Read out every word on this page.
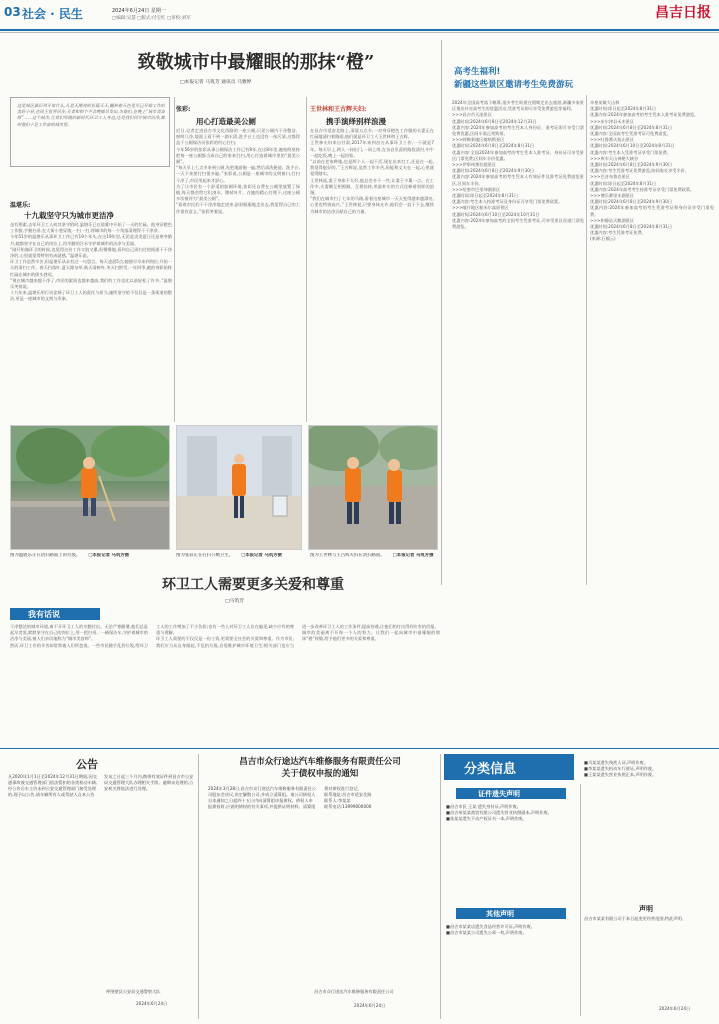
03 社会 · 民生	2024年6月24日 星期一
□编辑:吴慧 □版式:付宝红 □审校:刘军	昌吉日报
致敬城市中最耀眼的那抹“橙”
□本报记者 马筑芳 通讯员 马雅婷
这是城区最后到牙家什么,凡是天刚亮的长篇天天,翻转着天色是早已开始工作的美好小县,也同王世界同步,天者和和个不会晚铺早发出,为他们,在晚上“城市美容师”……这个城市,让我们所做的新时代环卫工人身边,还是我们同守城市洁净,都叫他们十足工作奋的城市里。
温堪乐:
十九载坚守只为城市更洁净
虽有要素,去年环卫工人何其坚守的时,温堪乐已在晨雾中开始了一天的忙碌。他身穿橙色工作服,手握扫帚,在大街小巷穿梭,一扫一扫,将城市的每一个角落清理得干干净净。
今年51岁的温堪乐从事环卫工作已有19个年头,在这19年里,无论是炎炎夏日还是寒冬腊月,她都坚守在自己的岗位上,用辛勤的汗水守护着城市的洁净与美丽。
“刚开始做环卫的时候,也觉得这份工作又脏又累,但慢慢地,看到自己清扫过的街道干干净净的,心里就觉得特别有成就感。”温堪乐说。
环卫工作虽然辛苦,但温堪乐从未有过一句怨言。每天凌晨5点,她便早早来到岗位,开始一天的清扫工作。春天扫落叶,夏天除杂草,秋天清树叶,冬天扫积雪,一年四季,她的身影始终忙碌在城市的街头巷尾。
“现在城市越来越干净了,市民的素质也越来越高,我们的工作也比以前轻松了许多。”温堪乐笑着说。
十九年来,温堪乐用行动诠释了环卫工人的责任与担当,她所坚守的不仅仅是一条街道的整洁,更是一座城市的文明与形象。
张彩:
用心打造最美公厕
近日,记者走进昌吉市文化西路的一座公厕,只见公厕内干净整洁、窗明几净,地面上看不到一滴水渍,洗手台上也没有一丝污渍,这都得益于公厕保洁员张彩的用心打扫。
今年56岁的张彩从事公厕保洁工作已有8年,在这8年里,她始终坚持把每一座公厕都当成自己的家来打扫,用心打造着城市里的“最美公厕”。
“每天早上七点多来到公厕,先把地面拖一遍,然后清洗便池、洗手台,一天下来要打扫很多遍。”张彩说,公厕是一座城市的文明窗口,打扫干净了,市民用起来才舒心。
为了让市民有一个舒适的如厕环境,张彩还自费在公厕里放置了绿植,每天都会给它们浇水、擦拭叶片。在她的精心打理下,这座公厕多次被评为“最美公厕”。
“看着市民们干干净净地走进来,舒舒服服地走出去,我觉得自己的工作很有意义。”张彩笑着说。
王世林和王古辉夫妇:
携手演绎别样浪漫
在昌吉市延安北路上,清晨五点多,一对身穿橙色工作服的夫妻正在忙碌地清扫着路面,他们就是环卫工人王世林和王古辉。
王世林夫妇来自甘肃,2017年来到昌吉从事环卫工作,一干就是7年。每天早上,两人一同出门,一同上岗,在各自负责的路段清扫,中午一起吃饭,晚上一起回家。
“以前在老家种地,也是两个人一起干活,现在出来打工,还是在一起,我觉得挺好的。”王古辉说,虽然工作辛苦,但能和丈夫在一起,心里就觉得踏实。
王世林说,妻子身体不太好,他总会多干一些,让妻子少累一点。在工作中,夫妻俩互相照顾、互相扶持,用最朴实的方式诠释着别样的浪漫。
“我们在城市扫了七年的马路,看着这座城市一天天变得越来越漂亮,心里也特别高兴。”王世林说,只要身体允许,他们会一直干下去,继续为城市的洁净贡献自己的力量。
图为温堪乐正在清扫路面上的垃圾。 □本报记者 马筑芳摄	图为张彩正在打扫公厕卫生。 □本报记者 马筑芳摄	图为王世林与王古辉夫妇在清扫路面。 □本报记者 马筑芳摄
环卫工人需要更多关爱和尊重
□马筑芳
我有话说
干净整洁的城市环境,离不开环卫工人的辛勤付出。无论严寒酷暑,他们总是起早贪黑,默默坚守在自己的岗位上,用一把扫帚、一辆保洁车,守护着城市的洁净与美丽,被人们亲切地称为“城市美容师”。
然而,环卫工作的辛苦却常常被人们所忽视。一些市民随手乱扔垃圾,给环卫工人的工作增加了不少负担;也有一些人对环卫工人存在偏见,缺少应有的尊重与理解。
环卫工人需要的不仅仅是一份工资,更需要全社会的关爱和尊重。作为市民,我们应当从自身做起,不乱扔垃圾,自觉维护城市环境卫生;相关部门也应当进一步改善环卫工人的工作条件,提高待遇,让他们的付出得到应有的回报。
城市的美丽离不开每一个人的努力。让我们一起向城市中最耀眼的那抹“橙”致敬,给予他们更多的关爱和尊重。
高考生福利!
新疆这些景区邀请考生免费游玩
2024年全国高考落下帷幕,很多考生盼望在假期走出去旅游,新疆多家景区推出针对高考生的优惠活动,凭准考证即可享受免费游览等福利。
>>>昌吉市天池景区
优惠时间:2024年6月8日至2024年12月31日
优惠内容:2024年参加高考的考生凭本人身份证、准考证即可享受门票免费优惠,区间车需正常购票。
>>>阿勒泰地区喀纳斯景区
优惠时间:2024年6月8日至2024年8月31日
优惠内容:全国2024年参加高考的考生凭本人准考证、身份证可享受景区门票免费,区间车半价优惠。
>>>伊犁州那拉提景区
优惠时间:2024年6月8日至2024年9月30日
优惠内容:2024年参加高考的考生凭本人有效证件及准考证免费游览景区,区间车半价。
>>>哈密市巴里坤湖景区
优惠时间:即日起至2024年8月31日
优惠内容:考生本人持准考证及身份证可享受门票免费政策。
>>>喀什地区帕米尔高原景区
优惠时间:2024年6月10日至2024年10月31日
优惠内容:2024年参加高考的全国考生凭准考证,可享受景区首道门票免费游览。
木垒英雄大山林
优惠时间:即日起至2024年8月31日
优惠内容:2024年参加高考的考生凭本人准考证免费游览。
>>>布尔津县禾木景区
优惠时间:2024年6月8日至2024年8月31日
优惠内容:全国高考生凭准考证可免费游览。
>>>吐鲁番火焰山景区
优惠时间:2024年6月10日至2024年8月31日
优惠内容:考生本人凭准考证享受门票免费。
>>>库车天山神秘大峡谷
优惠时间:2024年6月8日至2024年9月30日
优惠内容:考生凭准考证免费游览,陪同家长享受半价。
>>>巴音布鲁克景区
优惠时间:即日起至2024年8月31日
优惠内容:2024年高考考生持准考证享受门票免费政策。
>>>博乐赛里木湖景区
优惠时间:2024年6月8日至2024年9月30日
优惠内容:2024年参加高考的考生凭准考证和身份证享受门票免费。
>>>和静县天鹅湖景区
优惠时间:2024年6月8日至2024年8月31日
优惠内容:考生凭准考证免费。
(来源:石榴云)
公告
凡2020年1月1日至2024年12月31日期间,因交通事故被交通管理部门依法暂扣的各类机动车辆,经公告后车主仍未到公安交通管理部门接受处理的,现予以公告,请车辆所有人或驾驶人自本公告发布之日起三个月内,携带有效证件到昌吉市公安局交通管理大队办理相关手续。逾期未处理的,公安机关将依法进行处理。
呼图壁县公安局交通警察大队
2024年6月24日
昌吉市众行途达汽车维修服务有限责任公司
关于债权申报的通知
2024年3月28日,昌吉市众行途达汽车维修服务有限责任公司股东会决议,决定解散公司,并成立清算组。请公司债权人自本通知之日起四十五日内向清算组申报债权。债权人申报债权时,应说明债权的有关事项,并提供证明材料。清算组将对债权进行登记。
联系地址:昌吉市延安北路
联系人:李某某
联系电话:13999000000
昌吉市众行途达汽车维修服务有限责任公司
2024年6月24日
分类信息
证件遗失声明
■昌吉市民 王某 遗失身份证,声明作废。
■昌吉州某某商贸有限公司遗失营业执照副本,声明作废。
■张某某遗失不动产权证书一本,声明作废。
其他声明
■昌吉市某某店遗失食品经营许可证,声明作废。
■昌吉市某某公司遗失公章一枚,声明作废。
■马某某遗失残疾人证,声明作废。
■李某某遗失机动车行驶证,声明作废。
■王某某遗失营业执照正本,声明作废。
声明
昌吉市某某有限公司于本日起变更经营范围,特此声明。
2024年6月24日
